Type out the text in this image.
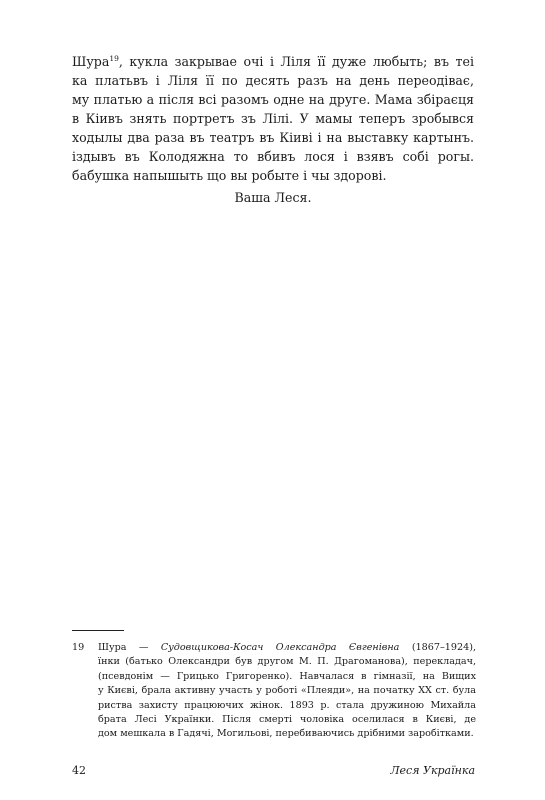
Шура$^{19}$, кукла закрывае очі і Ліля її дуже любыть; въ теі
ка платьвъ і Ліля її по десять разъ на день переодіває,
му платью а після всі разомъ одне на друге. Мама збіраєця
в Кіивъ знять портретъ зъ Лілі. У мамы теперъ зробывся
ходылы два раза въ театръ въ Кіиві і на выставку картынъ.
іздывъ въ Колодяжна то вбивъ лося і взявъ собі рогы.
бабушка напышыть що вы робыте і чы здорові.
Ваша Леся.
19 Шура — Судовщикова-Косач Олександра Євгенівна (1867–1924),
їнки (батько Олександри був другом М. П. Драгоманова), перекладач,
(псевдонім — Грицько Григоренко). Навчалася в гімназії, на Вищих
у Києві, брала активну участь у роботі «Плеяди», на початку XX ст. була
риства захисту працюючих жінок. 1893 р. стала дружиною Михайла
брата Лесі Українки. Після смерті чоловіка оселилася в Києві, де
дом мешкала в Гадячі, Могильові, перебиваючись дрібними заробітками.
42	Леся Українка
